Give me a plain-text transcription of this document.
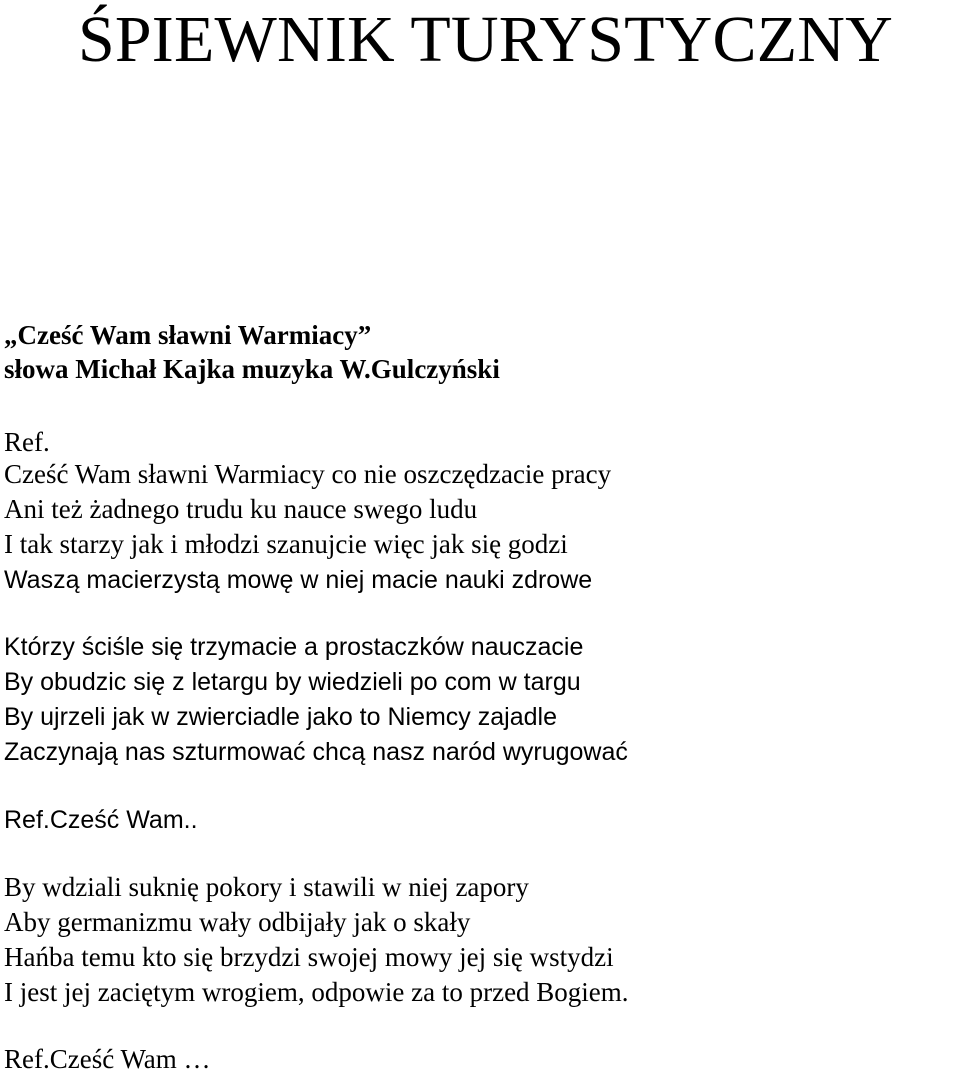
ŚPIEWNIK TURYSTYCZNY
„Cześć Wam sławni Warmiacy”
słowa Michał Kajka muzyka W.Gulczyński
Ref.
Cześć Wam sławni Warmiacy co nie oszczędzacie pracy
Ani też żadnego trudu ku nauce swego ludu
I tak starzy jak i młodzi szanujcie więc jak się godzi
Waszą macierzystą mowę w niej macie nauki zdrowe
Którzy ściśle się trzymacie a prostaczków nauczacie
By obudzic się z letargu by wiedzieli po com w targu
By ujrzeli jak w zwierciadle jako to Niemcy zajadle
Zaczynają nas szturmować chcą nasz naród wyrugować
Ref.Cześć Wam..
By wdziali suknię pokory i stawili w niej zapory
Aby germanizmu wały odbijały jak o skały
Hańba temu kto się brzydzi swojej mowy jej się wstydzi
I jest jej zaciętym wrogiem, odpowie za to przed Bogiem.
Ref.Cześć Wam …
